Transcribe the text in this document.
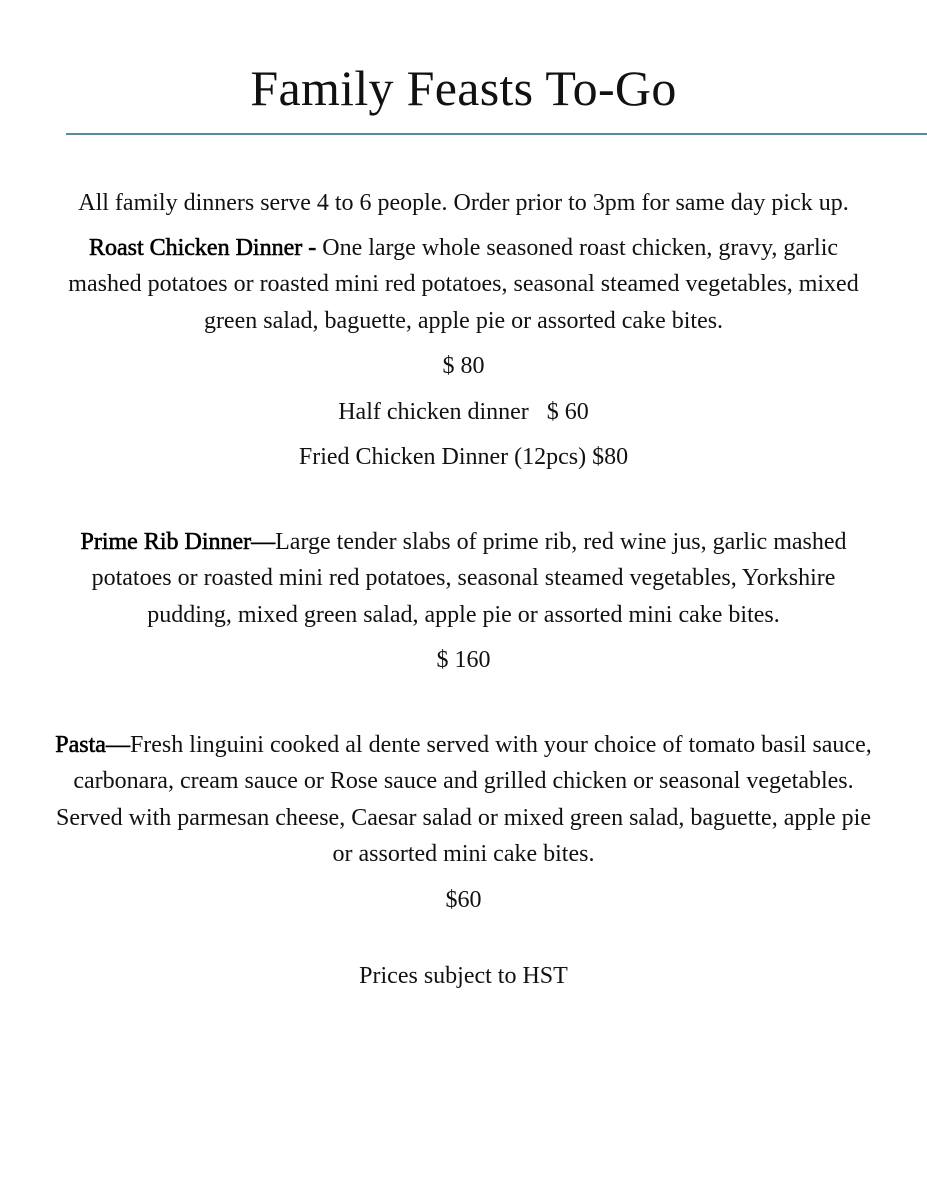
Family Feasts To-Go

All family dinners serve 4 to 6 people. Order prior to 3pm for same day pick up.

Roast Chicken Dinner - One large whole seasoned roast chicken, gravy, garlic mashed potatoes or roasted mini red potatoes, seasonal steamed vegetables, mixed green salad, baguette, apple pie or assorted cake bites.

$ 80

Half chicken dinner   $ 60

Fried Chicken Dinner (12pcs) $80

Prime Rib Dinner—Large tender slabs of prime rib, red wine jus, garlic mashed potatoes or roasted mini red potatoes, seasonal steamed vegetables, Yorkshire pudding, mixed green salad, apple pie or assorted mini cake bites.

$ 160

Pasta—Fresh linguini cooked al dente served with your choice of tomato basil sauce, carbonara, cream sauce or Rose sauce and grilled chicken or seasonal vegetables. Served with parmesan cheese, Caesar salad or mixed green salad, baguette, apple pie or assorted mini cake bites.

$60

Prices subject to HST
